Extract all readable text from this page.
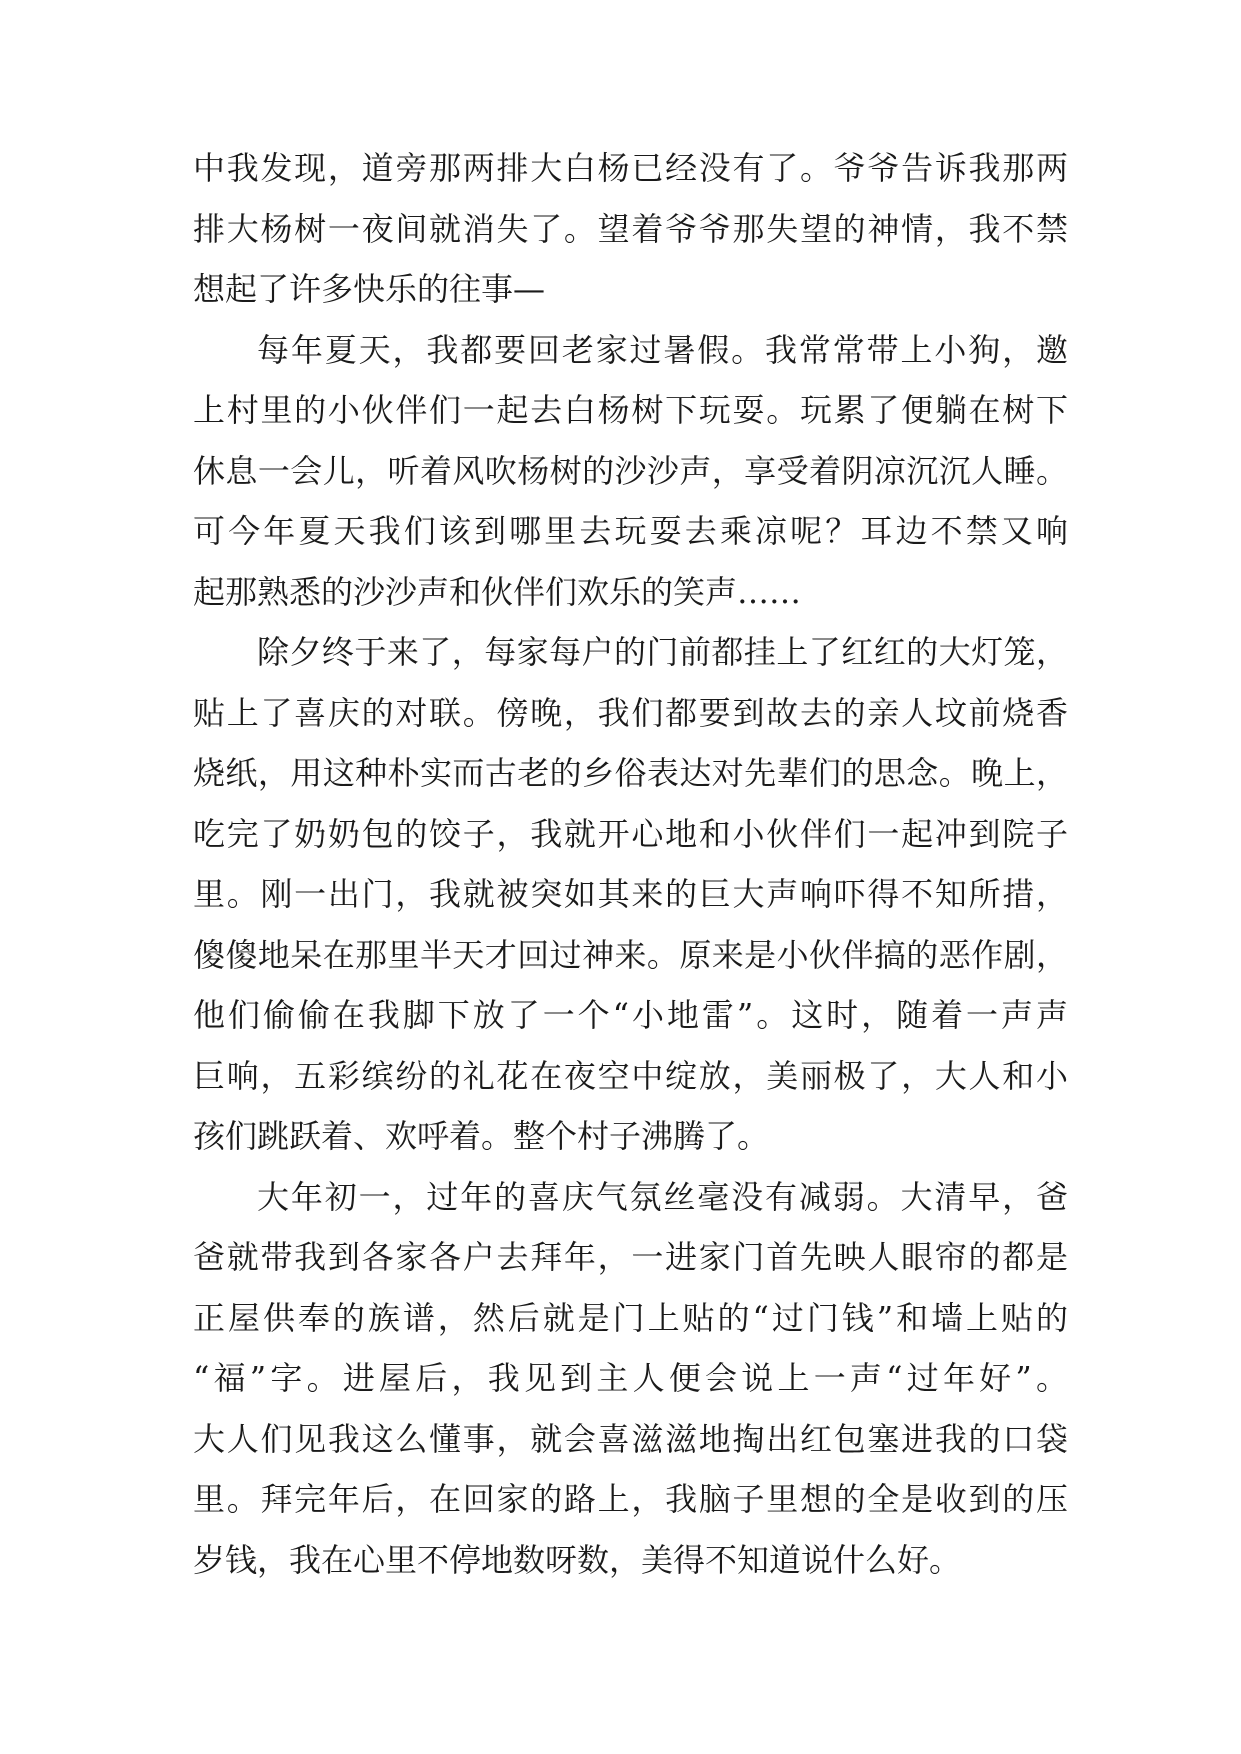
中我发现，道旁那两排大白杨已经没有了。爷爷告诉我那两
排大杨树一夜间就消失了。望着爷爷那失望的神情，我不禁
想起了许多快乐的往事—
每年夏天，我都要回老家过暑假。我常常带上小狗，邀
上村里的小伙伴们一起去白杨树下玩耍。玩累了便躺在树下
休息一会儿，听着风吹杨树的沙沙声，享受着阴凉沉沉人睡。
可今年夏天我们该到哪里去玩耍去乘凉呢？耳边不禁又响
起那熟悉的沙沙声和伙伴们欢乐的笑声……
除夕终于来了，每家每户的门前都挂上了红红的大灯笼，
贴上了喜庆的对联。傍晚，我们都要到故去的亲人坟前烧香
烧纸，用这种朴实而古老的乡俗表达对先辈们的思念。晚上，
吃完了奶奶包的饺子，我就开心地和小伙伴们一起冲到院子
里。刚一出门，我就被突如其来的巨大声响吓得不知所措，
傻傻地呆在那里半天才回过神来。原来是小伙伴搞的恶作剧，
他们偷偷在我脚下放了一个“小地雷”。这时，随着一声声
巨响，五彩缤纷的礼花在夜空中绽放，美丽极了，大人和小
孩们跳跃着、欢呼着。整个村子沸腾了。
大年初一，过年的喜庆气氛丝毫没有减弱。大清早，爸
爸就带我到各家各户去拜年，一进家门首先映人眼帘的都是
正屋供奉的族谱，然后就是门上贴的“过门钱”和墙上贴的
“福”字。进屋后，我见到主人便会说上一声“过年好”。
大人们见我这么懂事，就会喜滋滋地掏出红包塞进我的口袋
里。拜完年后，在回家的路上，我脑子里想的全是收到的压
岁钱，我在心里不停地数呀数，美得不知道说什么好。
